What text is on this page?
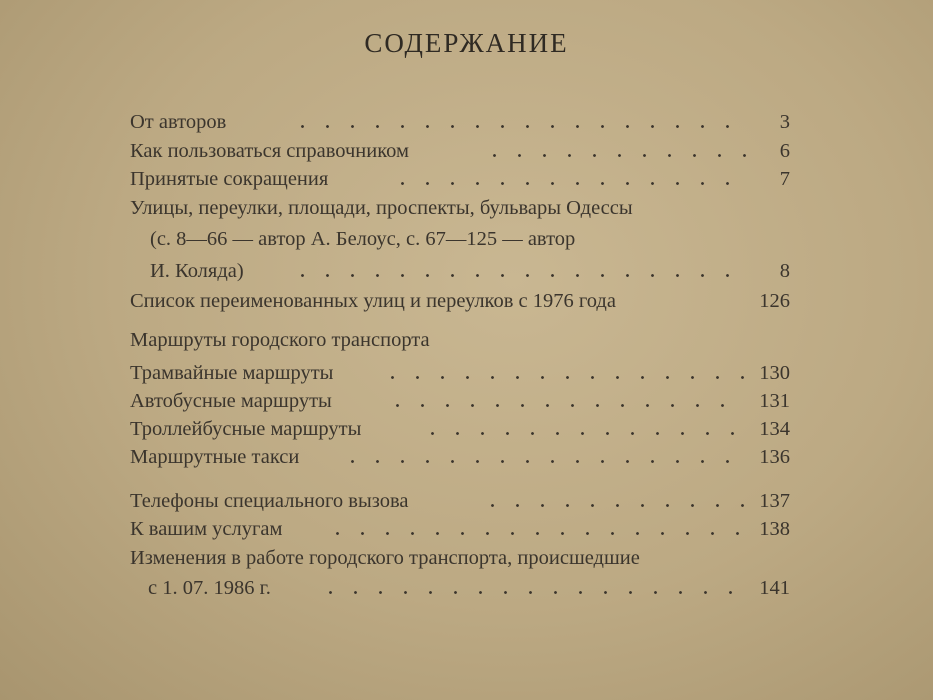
СОДЕРЖАНИЕ
От авторов	3
Как пользоваться справочником	6
Принятые сокращения	7
Улицы, переулки, площади, проспекты, бульвары Одессы
(с. 8—66 — автор А. Белоус, с. 67—125 — автор
И. Коляда)	8
Список переименованных улиц и переулков с 1976 года	126
Маршруты городского транспорта
Трамвайные маршруты	130
Автобусные маршруты	131
Троллейбусные маршруты	134
Маршрутные такси	136
Телефоны специального вызова	137
К вашим услугам	138
Изменения в работе городского транспорта, происшедшие
с 1. 07. 1986 г.	141
